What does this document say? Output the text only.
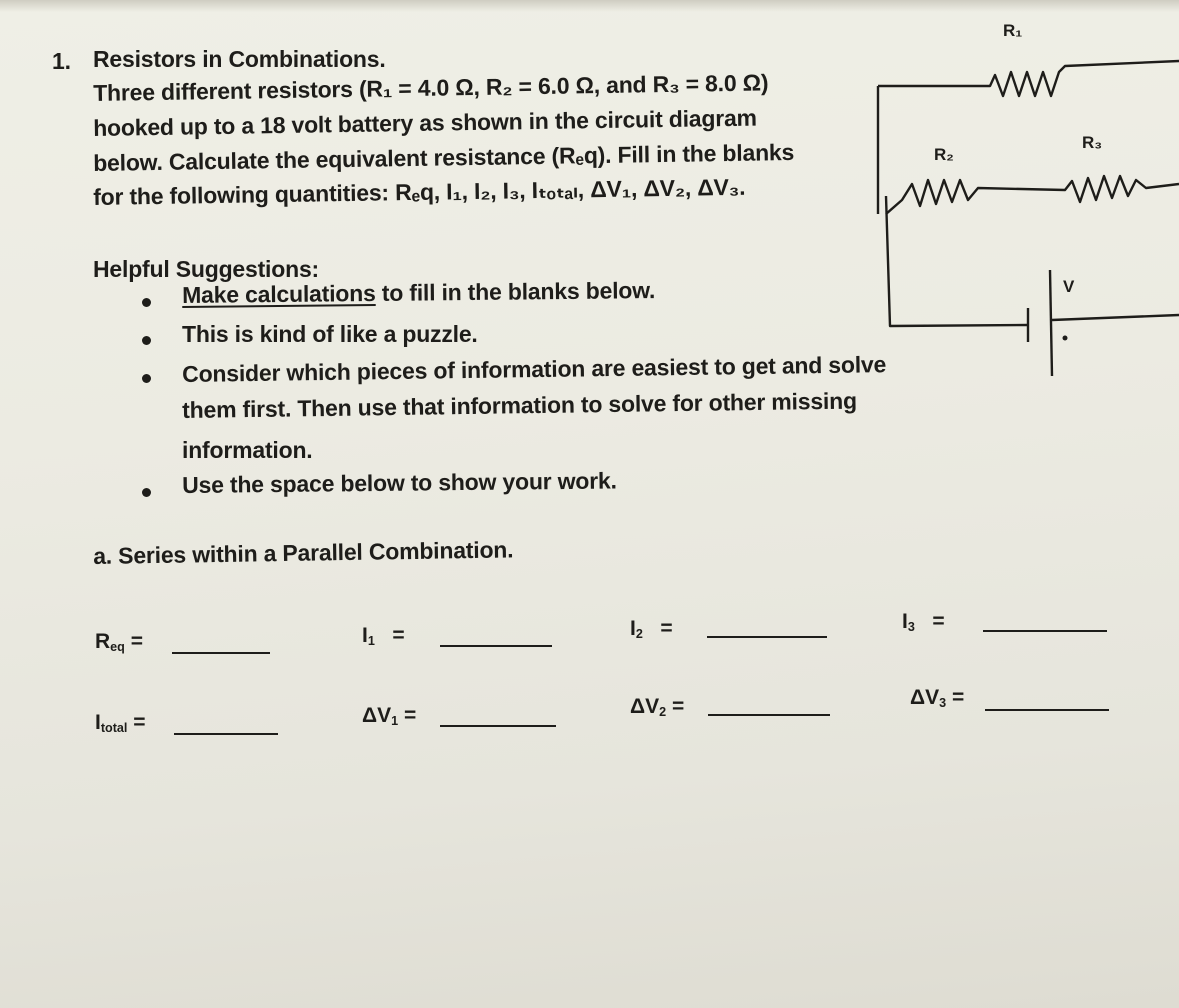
1. Resistors in Combinations.
Three different resistors (R₁ = 4.0 Ω, R₂ = 6.0 Ω, and R₃ = 8.0 Ω)
hooked up to a 18 volt battery as shown in the circuit diagram
below. Calculate the equivalent resistance (Rₑq). Fill in the blanks
for the following quantities: Rₑq, I₁, I₂, I₃, Iₜₒₜₐₗ, ΔV₁, ΔV₂, ΔV₃.
Helpful Suggestions:
Make calculations to fill in the blanks below.
This is kind of like a puzzle.
Consider which pieces of information are easiest to get and solve
them first. Then use that information to solve for other missing
information.
Use the space below to show your work.
a. Series within a Parallel Combination.
$R_{eq}$ =	$I_1$ =	$I_2$ =	$I_3$ =
$I_{total}$ =	$\Delta V_1$ =	$\Delta V_2$ =	$\Delta V_3$ =
R₁
R₂
R₃
V
